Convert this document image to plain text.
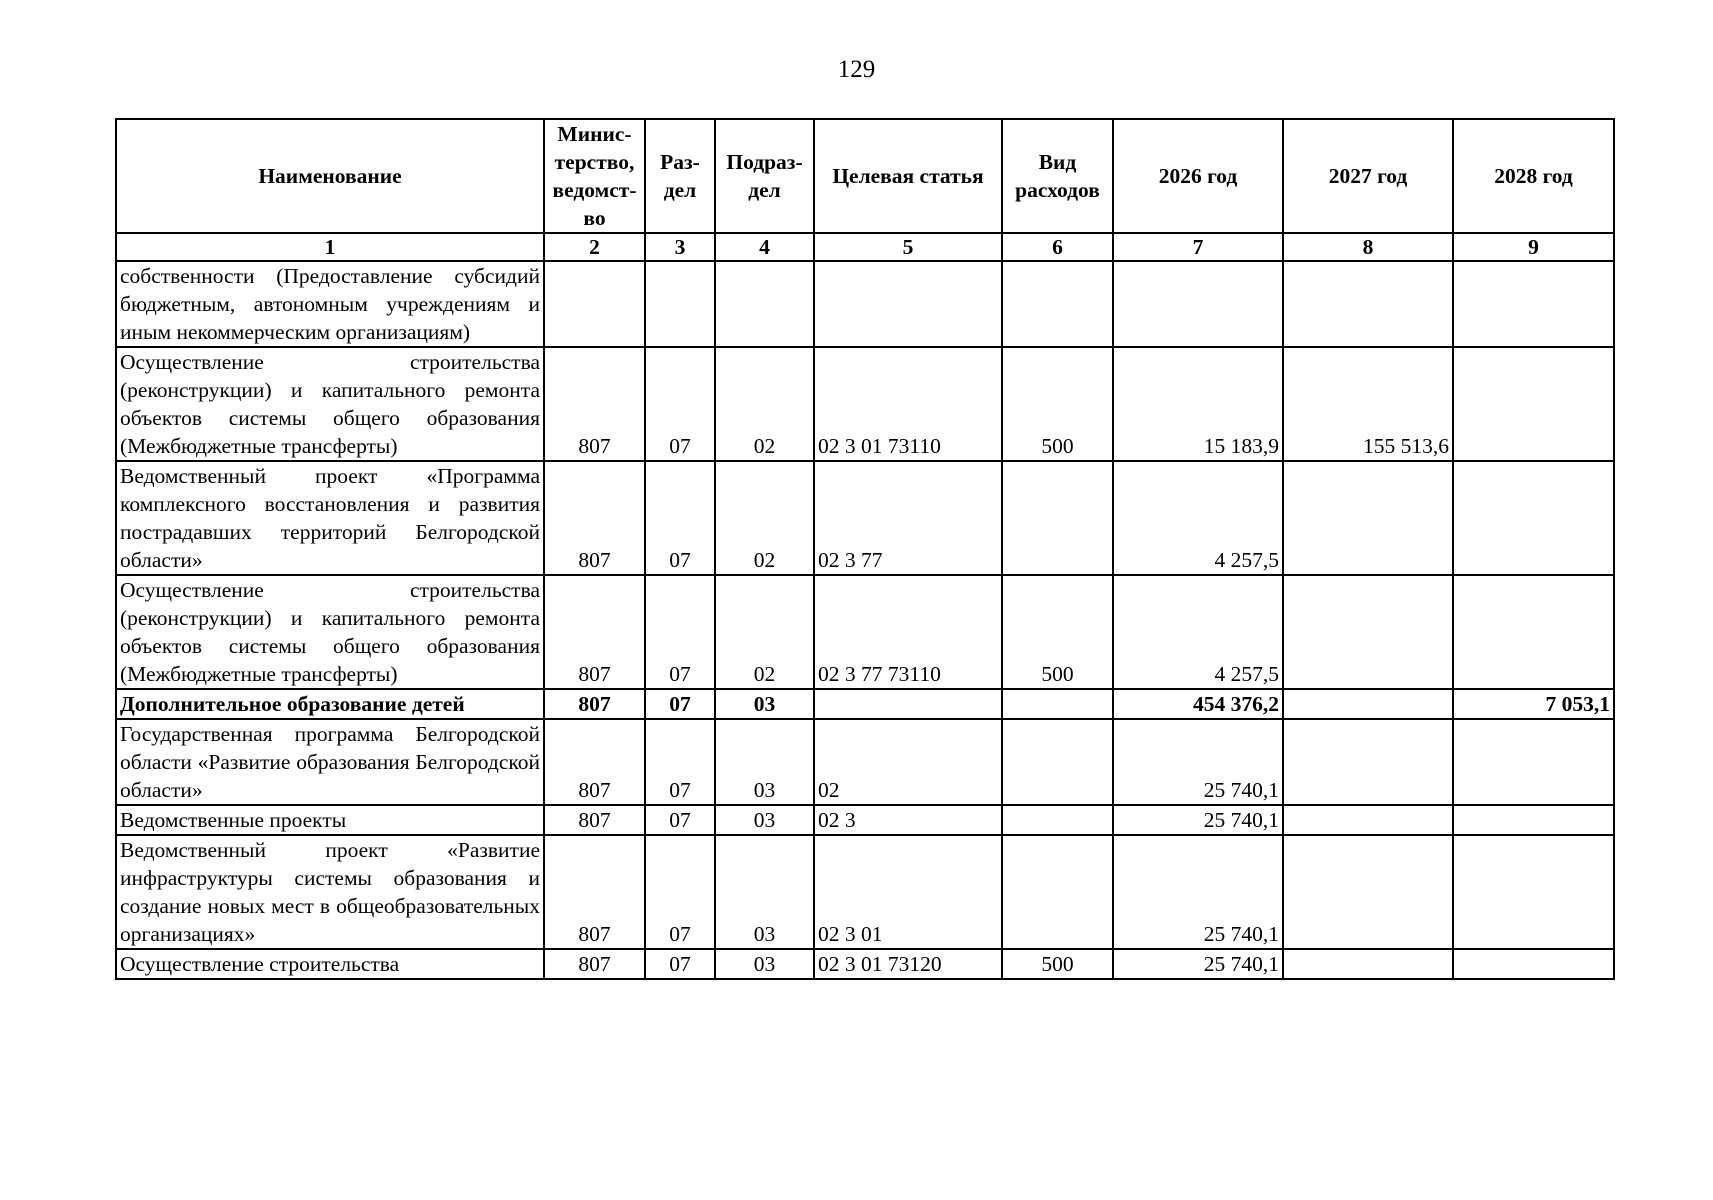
129
Наименование	Минис-терство, ведомст-во	Раз-дел	Подраз-дел	Целевая статья	Вид расходов	2026 год	2027 год	2028 год
1	2	3	4	5	6	7	8	9
собственности (Предоставление субсидий бюджетным, автономным учреждениям и иным некоммерческим организациям)								
Осуществление строительства (реконструкции) и капитального ремонта объектов системы общего образования (Межбюджетные трансферты)	807	07	02	02 3 01 73110	500	15 183,9	155 513,6	
Ведомственный проект «Программа комплексного восстановления и развития пострадавших территорий Белгородской области»	807	07	02	02 3 77		4 257,5		
Осуществление строительства (реконструкции) и капитального ремонта объектов системы общего образования (Межбюджетные трансферты)	807	07	02	02 3 77 73110	500	4 257,5		
Дополнительное образование детей	807	07	03			454 376,2		7 053,1
Государственная программа Белгородской области «Развитие образования Белгородской области»	807	07	03	02		25 740,1		
Ведомственные проекты	807	07	03	02 3		25 740,1		
Ведомственный проект «Развитие инфраструктуры системы образования и создание новых мест в общеобразовательных организациях»	807	07	03	02 3 01		25 740,1		
Осуществление строительства	807	07	03	02 3 01 73120	500	25 740,1		
